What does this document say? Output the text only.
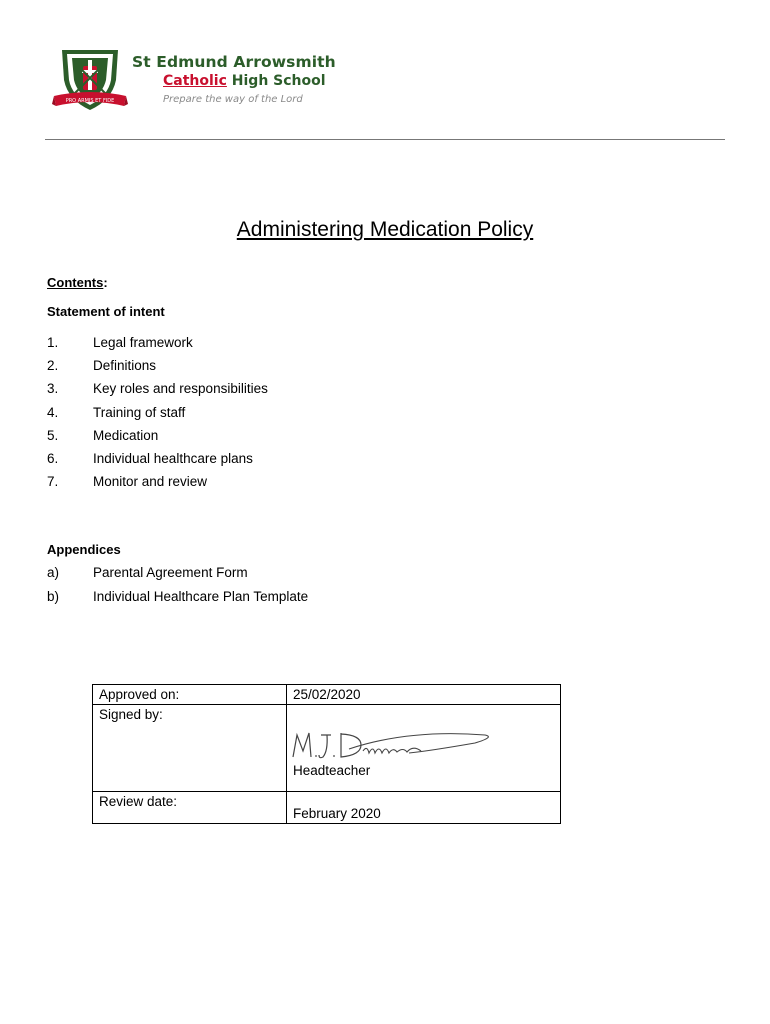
PRO ARMIS ET FIDE
St Edmund Arrowsmith
Catholic High School
Prepare the way of the Lord
Administering Medication Policy
Contents:
Statement of intent
1.	Legal framework
2.	Definitions
3.	Key roles and responsibilities
4.	Training of staff
5.	Medication
6.	Individual healthcare plans
7.	Monitor and review
Appendices
a)	Parental Agreement Form
b)	Individual Healthcare Plan Template
Approved on:	25/02/2020
Signed by:	M.J.Duncan
Headteacher

Review date:	February 2020
